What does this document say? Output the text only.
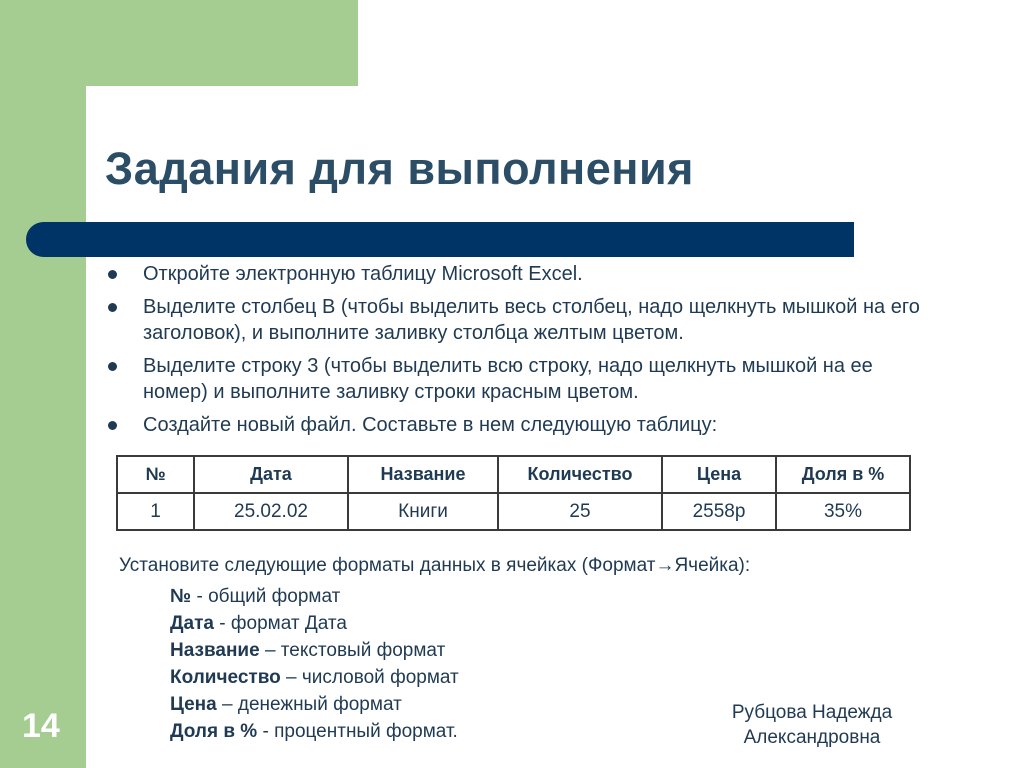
Задания для выполнения
Откройте электронную таблицу Microsoft Excel.
Выделите столбец В (чтобы выделить весь столбец, надо щелкнуть мышкой на его заголовок), и выполните заливку столбца желтым цветом.
Выделите строку 3 (чтобы выделить всю строку, надо щелкнуть мышкой на ее номер) и выполните заливку строки красным цветом.
Создайте новый файл. Составьте в нем следующую таблицу:
№	Дата	Название	Количество	Цена	Доля в %
1	25.02.02	Книги	25	2558р	35%

Установите следующие форматы данных в ячейках (Формат→Ячейка):

№ - общий формат
Дата - формат Дата
Название – текстовый формат
Количество – числовой формат
Цена – денежный формат
Доля в % - процентный формат.
14	Рубцова Надежда
Александровна
